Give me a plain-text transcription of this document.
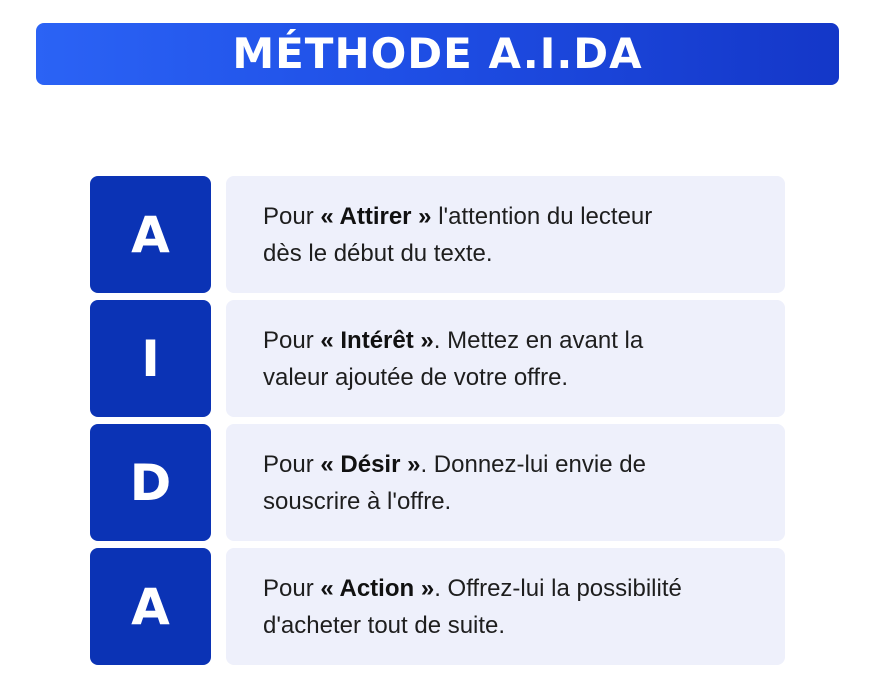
MÉTHODE A.I.DA
A	Pour « Attirer » l'attention du lecteur
dès le début du texte.
I	Pour « Intérêt ». Mettez en avant la
valeur ajoutée de votre offre.
D	Pour « Désir ». Donnez-lui envie de
souscrire à l'offre.
A	Pour « Action ». Offrez-lui la possibilité
d'acheter tout de suite.
